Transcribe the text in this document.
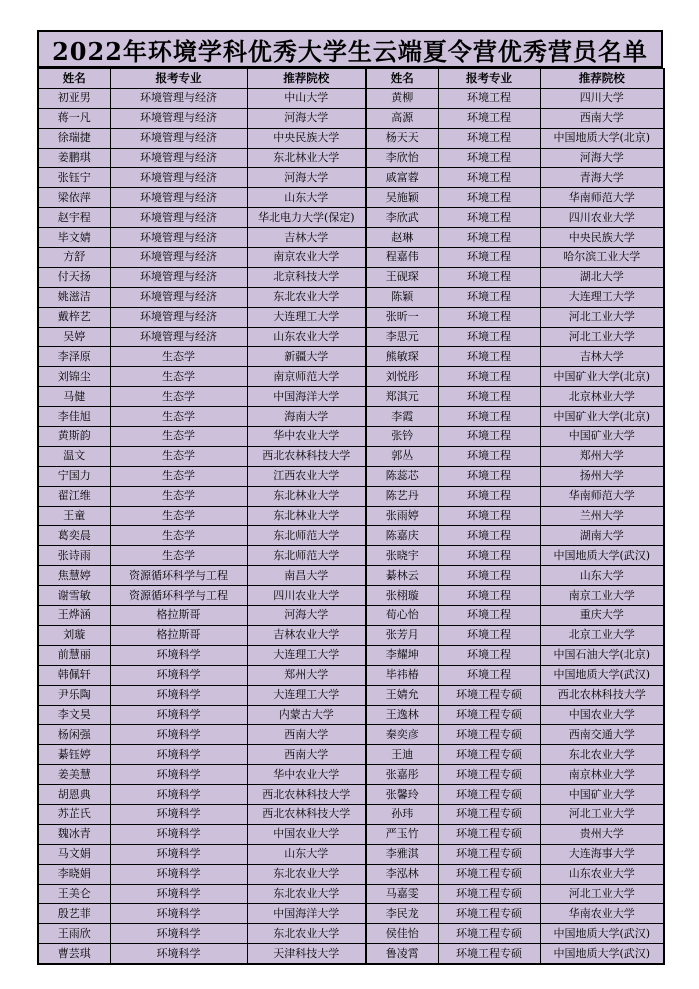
2022年环境学科优秀大学生云端夏令营优秀营员名单
姓名	报考专业	推荐院校	姓名	报考专业	推荐院校
初亚男	环境管理与经济	中山大学	黄柳	环境工程	四川大学
蒋一凡	环境管理与经济	河海大学	高源	环境工程	西南大学
徐瑞捷	环境管理与经济	中央民族大学	杨天天	环境工程	中国地质大学(北京)
姜鹏琪	环境管理与经济	东北林业大学	李欣怡	环境工程	河海大学
张钰宁	环境管理与经济	河海大学	戚富蓉	环境工程	青海大学
梁依萍	环境管理与经济	山东大学	吴施颖	环境工程	华南师范大学
赵宇程	环境管理与经济	华北电力大学(保定)	李欣武	环境工程	四川农业大学
毕文婧	环境管理与经济	吉林大学	赵琳	环境工程	中央民族大学
方舒	环境管理与经济	南京农业大学	程嘉伟	环境工程	哈尔滨工业大学
付天扬	环境管理与经济	北京科技大学	王砚琛	环境工程	湖北大学
姚滋洁	环境管理与经济	东北农业大学	陈颖	环境工程	大连理工大学
戴梓艺	环境管理与经济	大连理工大学	张昕一	环境工程	河北工业大学
吴婷	环境管理与经济	山东农业大学	李思元	环境工程	河北工业大学
李泽原	生态学	新疆大学	熊敏琛	环境工程	吉林大学
刘锦尘	生态学	南京师范大学	刘悦彤	环境工程	中国矿业大学(北京)
马健	生态学	中国海洋大学	郑淇元	环境工程	北京林业大学
李佳旭	生态学	海南大学	李霞	环境工程	中国矿业大学(北京)
黄斯韵	生态学	华中农业大学	张钤	环境工程	中国矿业大学
温文	生态学	西北农林科技大学	郭丛	环境工程	郑州大学
宁国力	生态学	江西农业大学	陈蕊芯	环境工程	扬州大学
翟江维	生态学	东北林业大学	陈艺丹	环境工程	华南师范大学
王童	生态学	东北林业大学	张雨婷	环境工程	兰州大学
葛奕晨	生态学	东北师范大学	陈嘉庆	环境工程	湖南大学
张诗雨	生态学	东北师范大学	张晓宇	环境工程	中国地质大学(武汉)
焦慧婷	资源循环科学与工程	南昌大学	綦林云	环境工程	山东大学
谢雪敏	资源循环科学与工程	四川农业大学	张栩璇	环境工程	南京工业大学
王烨涵	格拉斯哥	河海大学	荀心怡	环境工程	重庆大学
刘璇	格拉斯哥	吉林农业大学	张芳月	环境工程	北京工业大学
前慧丽	环境科学	大连理工大学	李耀坤	环境工程	中国石油大学(北京)
韩佩轩	环境科学	郑州大学	毕祎椿	环境工程	中国地质大学(武汉)
尹乐陶	环境科学	大连理工大学	王婧允	环境工程专硕	西北农林科技大学
李文昊	环境科学	内蒙古大学	王逸林	环境工程专硕	中国农业大学
杨闲强	环境科学	西南大学	秦奕彦	环境工程专硕	西南交通大学
綦钰婷	环境科学	西南大学	王迪	环境工程专硕	东北农业大学
姜美慧	环境科学	华中农业大学	张嘉彤	环境工程专硕	南京林业大学
胡恩典	环境科学	西北农林科技大学	张馨玲	环境工程专硕	中国矿业大学
苏芷氏	环境科学	西北农林科技大学	孙玮	环境工程专硕	河北工业大学
魏冰青	环境科学	中国农业大学	严玉竹	环境工程专硕	贵州大学
马文娟	环境科学	山东大学	李雅淇	环境工程专硕	大连海事大学
李晓娟	环境科学	东北农业大学	李泓林	环境工程专硕	山东农业大学
王美仑	环境科学	东北农业大学	马嘉雯	环境工程专硕	河北工业大学
殷艺菲	环境科学	中国海洋大学	李民龙	环境工程专硕	华南农业大学
王雨欣	环境科学	东北农业大学	侯佳怡	环境工程专硕	中国地质大学(武汉)
曹芸琪	环境科学	天津科技大学	鲁凌霄	环境工程专硕	中国地质大学(武汉)
